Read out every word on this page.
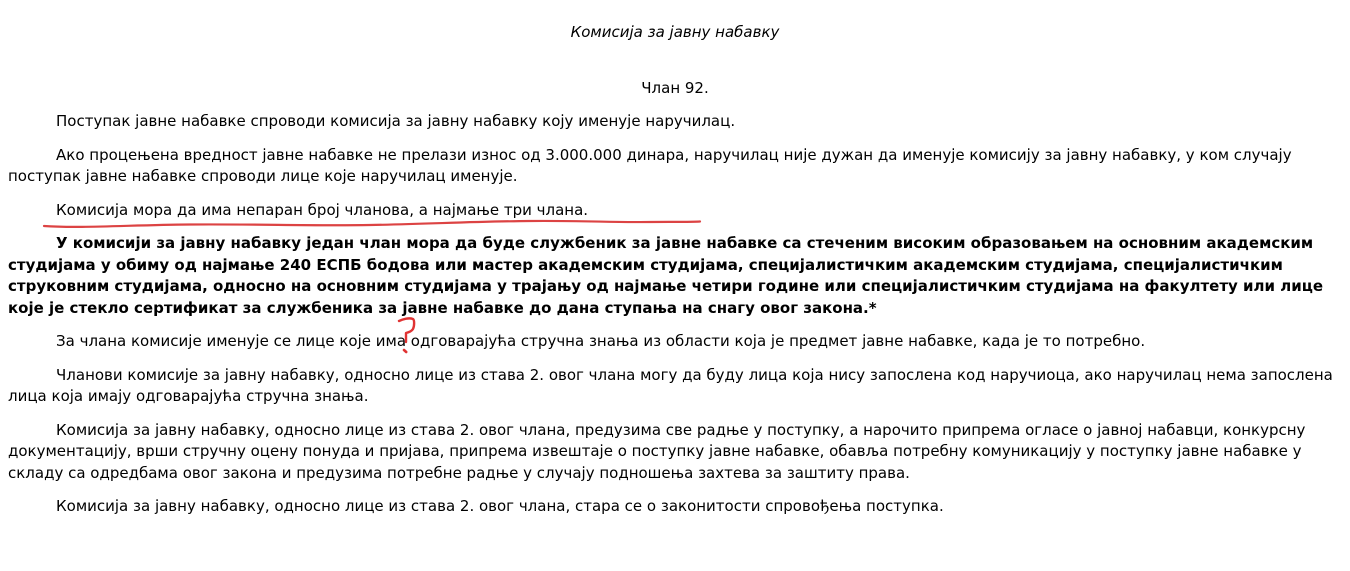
Комисија за јавну набавку

Члан 92.

Поступак јавне набавке спроводи комисија за јавну набавку коју именује наручилац.

Ако процењена вредност јавне набавке не прелази износ од 3.000.000 динара, наручилац није дужан да именује комисију за јавну набавку, у ком случају поступак јавне набавке спроводи лице које наручилац именује.

Комисија мора да има непаран број чланова, а најмање три члана.

У комисији за јавну набавку један члан мора да буде службеник за јавне набавке са стеченим високим образовањем на основним академским студијама у обиму од најмање 240 ЕСПБ бодова или мастер академским студијама, специјалистичким академским студијама, специјалистичким струковним студијама, односно на основним студијама у трајању од најмање четири године или специјалистичким студијама на факултету или лице које је стекло сертификат за службеника за јавне набавке до дана ступања на снагу овог закона.*

За члана комисије именује се лице које има одговарајућа стручна знања из области која је предмет јавне набавке, када је то потребно.

Чланови комисије за јавну набавку, односно лице из става 2. овог члана могу да буду лица која нису запослена код наручиоца, ако наручилац нема запослена лица која имају одговарајућа стручна знања.

Комисија за јавну набавку, односно лице из става 2. овог члана, предузима све радње у поступку, а нарочито припрема огласе о јавној набавци, конкурсну документацију, врши стручну оцену понуда и пријава, припрема извештаје о поступку јавне набавке, обавља потребну комуникацију у поступку јавне набавке у складу са одредбама овог закона и предузима потребне радње у случају подношења захтева за заштиту права.

Комисија за јавну набавку, односно лице из става 2. овог члана, стара се о законитости спровођења поступка.
